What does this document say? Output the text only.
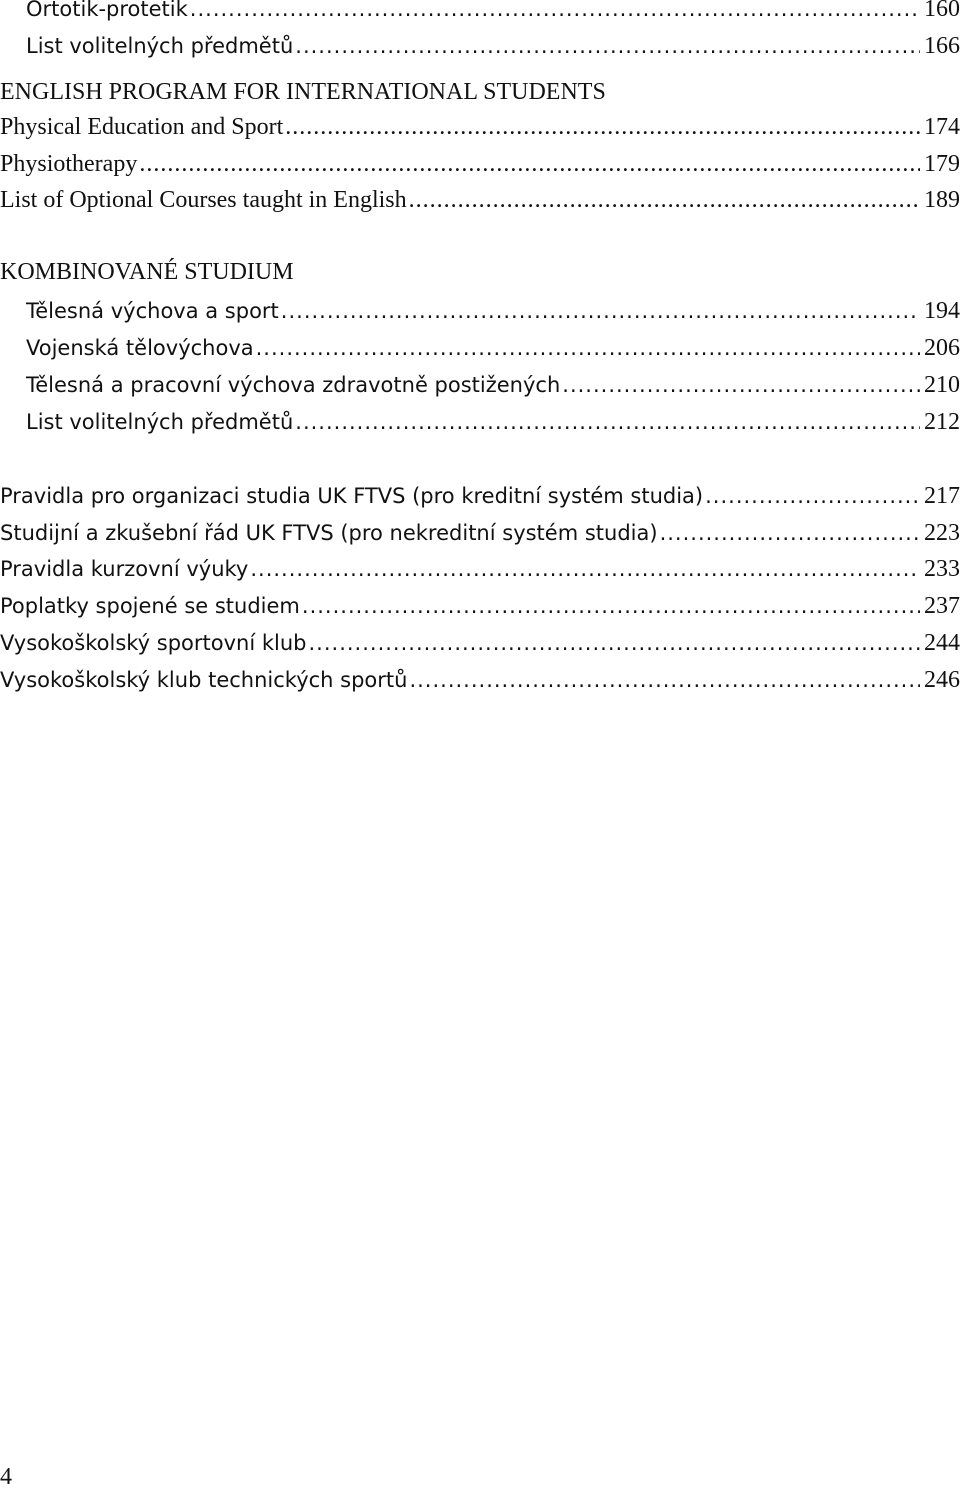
Ortotik-protetik .....	160
List volitelných předmětů .....	166
ENGLISH PROGRAM FOR INTERNATIONAL STUDENTS
Physical Education and Sport .....	174
Physiotherapy .....	179
List of Optional Courses taught in English .....	189
KOMBINOVANÉ STUDIUM
Tělesná výchova a sport .....	194
Vojenská tělovýchova .....	206
Tělesná a pracovní výchova zdravotně postižených .....	210
List volitelných předmětů .....	212
Pravidla pro organizaci studia UK FTVS (pro kreditní systém studia) .....	217
Studijní a zkušební řád UK FTVS (pro nekreditní systém studia) .....	223
Pravidla kurzovní výuky .....	233
Poplatky spojené se studiem .....	237
Vysokoškolský sportovní klub .....	244
Vysokoškolský klub technických sportů .....	246
4
